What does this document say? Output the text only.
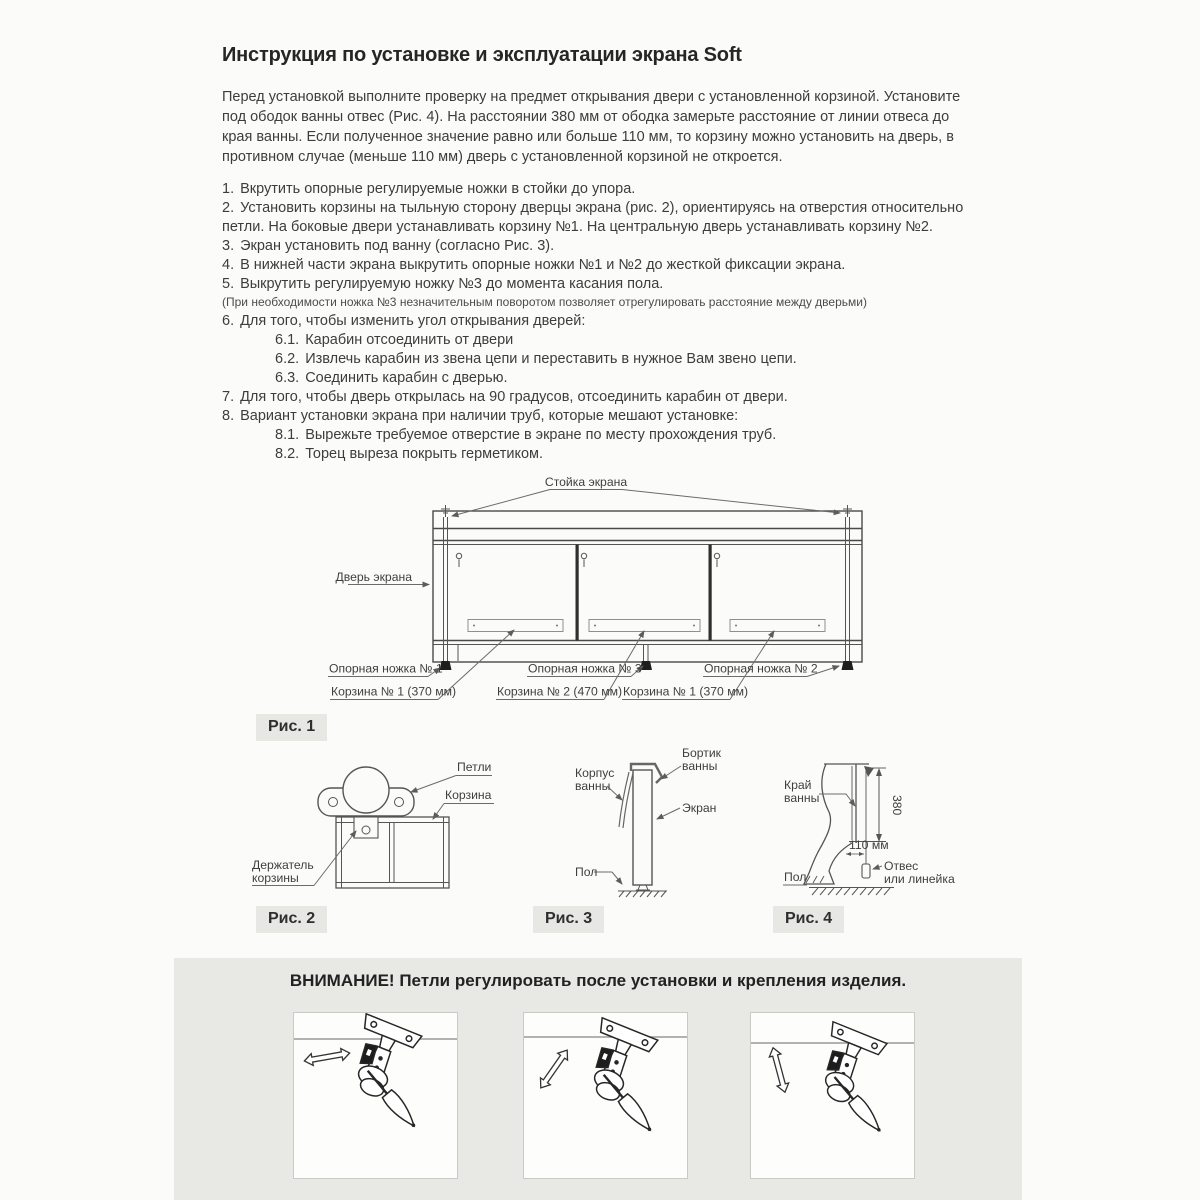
Инструкция по установке и эксплуатации экрана Soft
Перед установкой выполните проверку на предмет открывания двери с установленной корзиной. Установите под ободок ванны отвес (Рис. 4). На расстоянии 380 мм от ободка замерьте расстояние от линии отвеса до края ванны. Если полученное значение равно или больше 110 мм, то корзину можно установить на дверь, в противном случае (меньше 110 мм) дверь с установленной корзиной не откроется.
1. Вкрутить опорные регулируемые ножки в стойки до упора.
2. Установить корзины на тыльную сторону дверцы экрана (рис. 2), ориентируясь на отверстия относительно петли. На боковые двери устанавливать корзину №1. На центральную дверь устанавливать корзину №2.
3. Экран установить под ванну (согласно Рис. 3).
4. В нижней части экрана выкрутить опорные ножки №1 и №2 до жесткой фиксации экрана.
5. Выкрутить регулируемую ножку №3 до момента касания пола.
(При необходимости ножка №3 незначительным поворотом позволяет отрегулировать расстояние между дверьми)
6. Для того, чтобы изменить угол открывания дверей:
6.1. Карабин отсоединить от двери
6.2. Извлечь карабин из звена цепи и переставить в нужное Вам звено цепи.
6.3. Соединить карабин с дверью.
7. Для того, чтобы дверь открылась на 90 градусов, отсоединить карабин от двери.
8. Вариант установки экрана при наличии труб, которые мешают установке:
8.1. Вырежьте требуемое отверстие в экране по месту прохождения труб.
8.2. Торец выреза покрыть герметиком.
Стойка экрана
Дверь экрана
Опорная ножка № 1	Опорная ножка № 3	Опорная ножка № 2
Корзина № 1 (370 мм)	Корзина № 2 (470 мм) Корзина № 1 (370 мм)
Рис. 1
Петли
Корзина
Держатель
корзины
Рис. 2
Корпус
ванны
Бортик
ванны
Экран
Пол
Рис. 3
380
110 мм
Край
ванны
Отвес
или линейка
Пол
Рис. 4
ВНИМАНИЕ! Петли регулировать после установки и крепления изделия.
